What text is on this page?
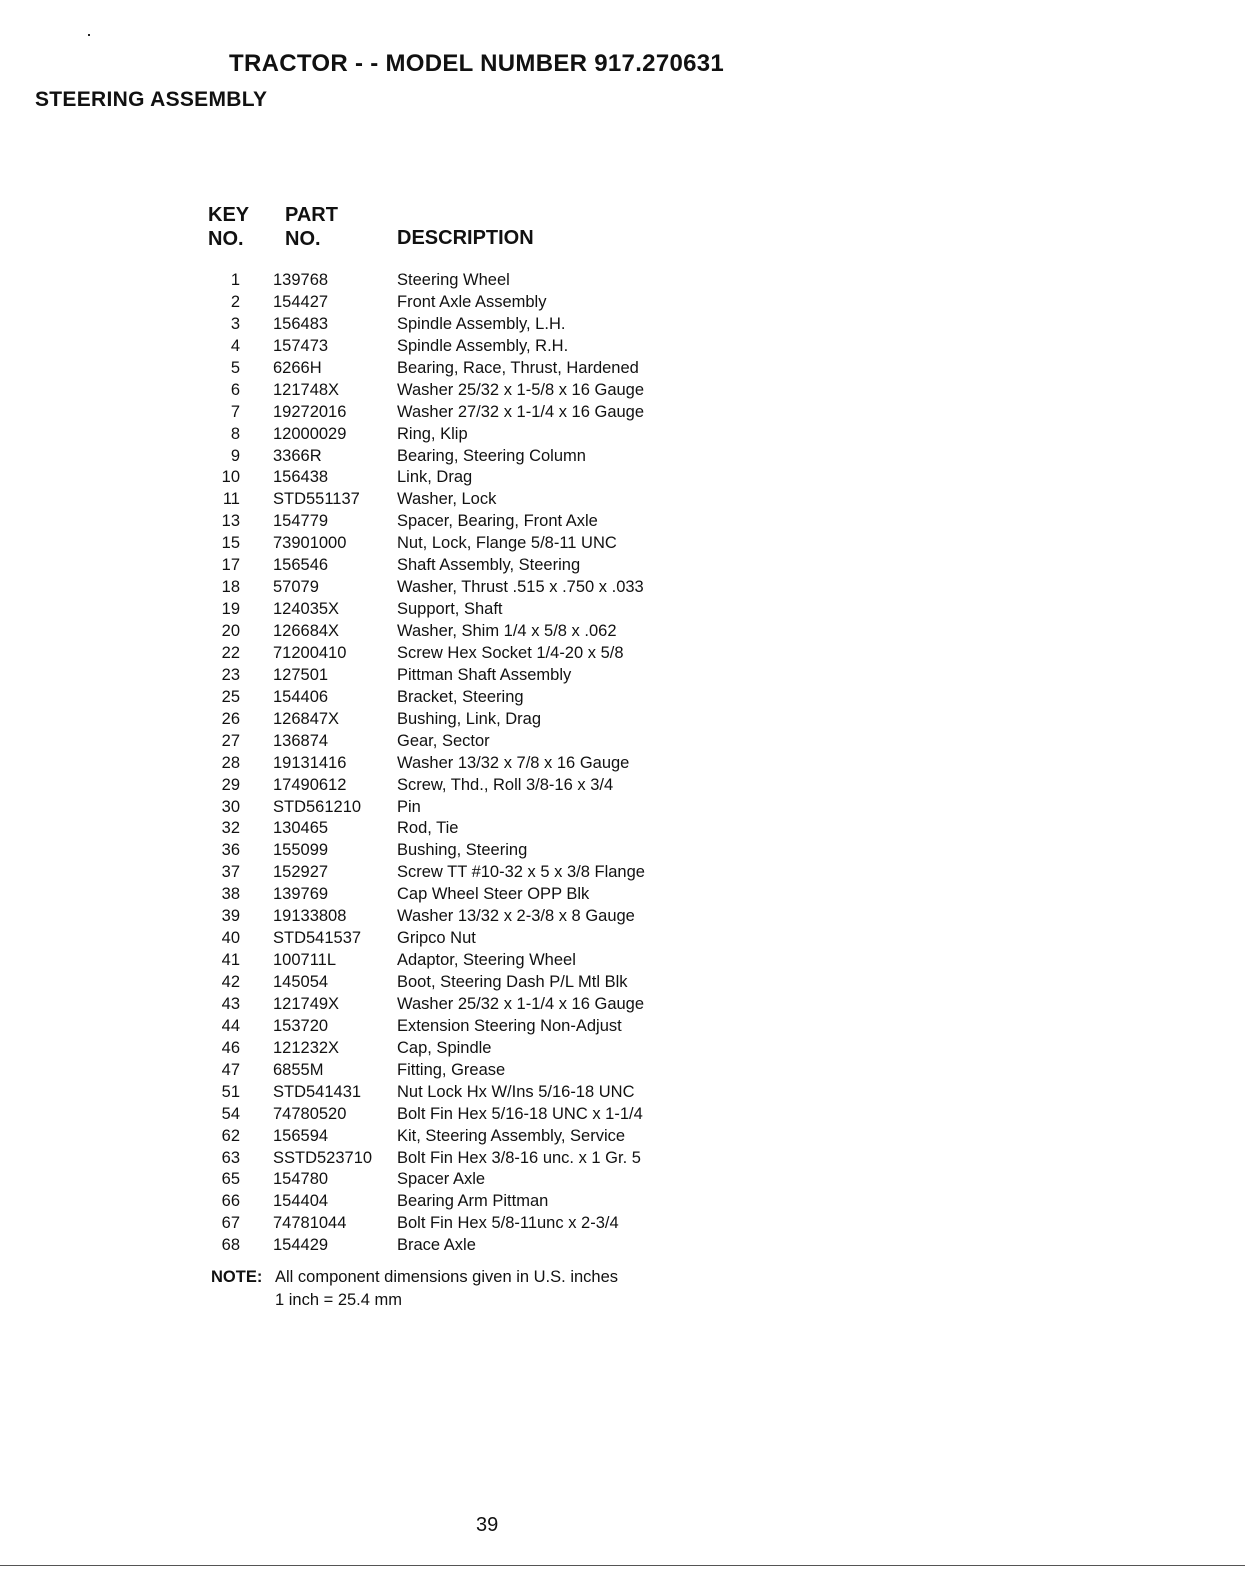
TRACTOR - - MODEL NUMBER 917.270631
STEERING ASSEMBLY
KEY
NO.
PART
NO.	DESCRIPTION
1 139768	Steering Wheel
2 154427	Front Axle Assembly
3 156483	Spindle Assembly, L.H.
4 157473	Spindle Assembly, R.H.
5 6266H	Bearing, Race, Thrust, Hardened
6 121748X	Washer 25/32 x 1-5/8 x 16 Gauge
7 19272016	Washer 27/32 x 1-1/4 x 16 Gauge
8 12000029	Ring, Klip
9 3366R	Bearing, Steering Column
10 156438	Link, Drag
11 STD551137 Washer, Lock
13 154779	Spacer, Bearing, Front Axle
15 73901000	Nut, Lock, Flange 5/8-11 UNC
17 156546	Shaft Assembly, Steering
18 57079	Washer, Thrust .515 x .750 x .033
19 124035X	Support, Shaft
20 126684X	Washer, Shim 1/4 x 5/8 x .062
22 71200410	Screw Hex Socket 1/4-20 x 5/8
23 127501	Pittman Shaft Assembly
25 154406	Bracket, Steering
26 126847X	Bushing, Link, Drag
27 136874	Gear, Sector
28 19131416	Washer 13/32 x 7/8 x 16 Gauge
29 17490612	Screw, Thd., Roll 3/8-16 x 3/4
30 STD561210 Pin
32 130465	Rod, Tie
36 155099	Bushing, Steering
37 152927	Screw TT #10-32 x 5 x 3/8 Flange
38 139769	Cap Wheel Steer OPP Blk
39 19133808	Washer 13/32 x 2-3/8 x 8 Gauge
40 STD541537 Gripco Nut
41 100711L	Adaptor, Steering Wheel
42 145054	Boot, Steering Dash P/L Mtl Blk
43 121749X	Washer 25/32 x 1-1/4 x 16 Gauge
44 153720	Extension Steering Non-Adjust
46 121232X	Cap, Spindle
47 6855M	Fitting, Grease
51 STD541431 Nut Lock Hx W/Ins 5/16-18 UNC
54 74780520	Bolt Fin Hex 5/16-18 UNC x 1-1/4
62 156594	Kit, Steering Assembly, Service
63 SSTD523710 Bolt Fin Hex 3/8-16 unc. x 1 Gr. 5
65 154780	Spacer Axle
66 154404	Bearing Arm Pittman
67 74781044	Bolt Fin Hex 5/8-11unc x 2-3/4
68 154429	Brace Axle
NOTE: All component dimensions given in U.S. inches
1 inch = 25.4 mm
39
